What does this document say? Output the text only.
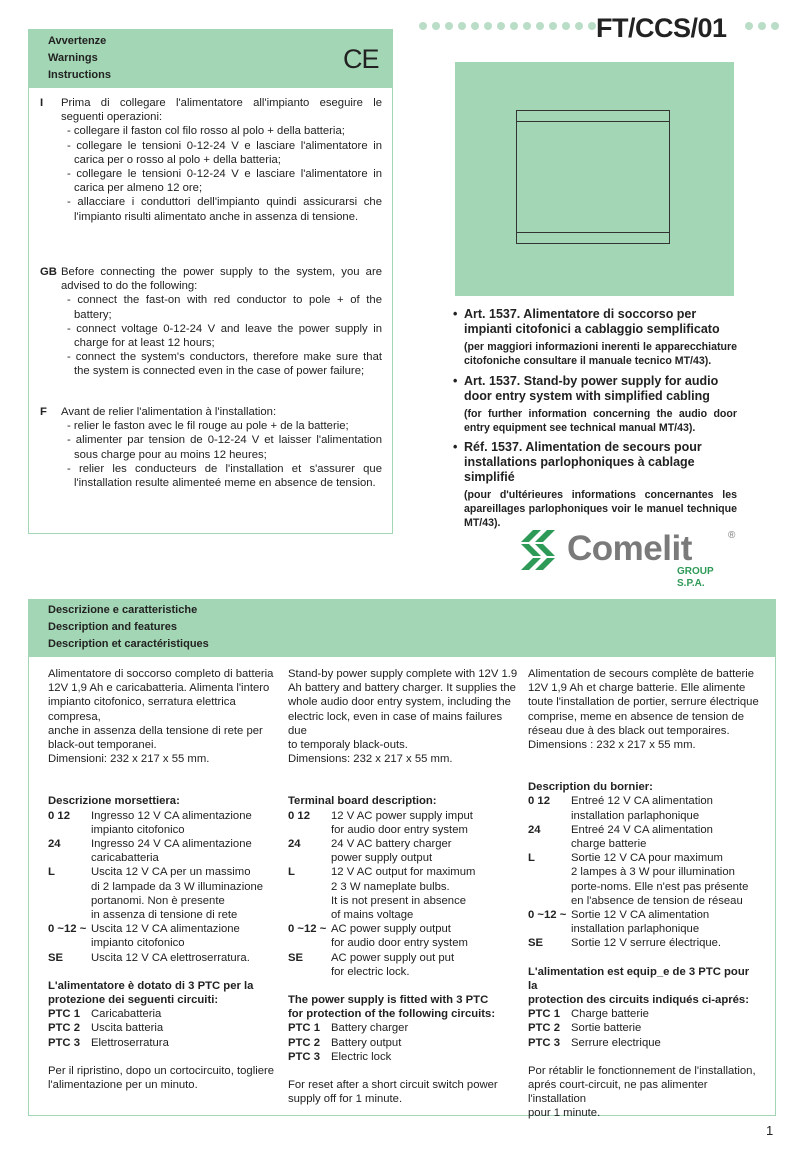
FT/CCS/01
Avvertenze
Warnings
Instructions
CE
I Prima di collegare l'alimentatore all'impianto eseguire le seguenti operazioni:
- collegare il faston col filo rosso al polo + della batteria;
- collegare le tensioni 0-12-24 V e lasciare l'alimentatore in carica per o rosso al polo + della batteria;
- collegare le tensioni 0-12-24 V e lasciare l'alimentatore in carica per almeno 12 ore;
- allacciare i conduttori dell'impianto quindi assicurarsi che l'impianto risulti alimentato anche in assenza di tensione.
GB Before connecting the power supply to the system, you are advised to do the following:
- connect the fast-on with red conductor to pole + of the battery;
- connect voltage 0-12-24 V and leave the power supply in charge for at least 12 hours;
- connect the system's conductors, therefore make sure that the system is connected even in the case of power failure;
F Avant de relier l'alimentation à l'installation:
- relier le faston avec le fil rouge au pole + de la batterie;
- alimenter par tension de 0-12-24 V et laisser l'alimentation sous charge pour au moins 12 heures;
- relier les conducteurs de l'installation et s'assurer que l'installation resulte alimenteé meme en absence de tension.
• Art. 1537. Alimentatore di soccorso per impianti citofonici a cablaggio semplificato
(per maggiori informazioni inerenti le apparecchiature citofoniche consultare il manuale tecnico MT/43).
• Art. 1537. Stand-by power supply for audio door entry system with simplified cabling
(for further information concerning the audio door entry equipment see technical manual MT/43).
• Réf. 1537. Alimentation de secours pour installations parlophoniques à cablage simplifié
(pour d'ultérieures informations concernantes les apareillages parlophoniques voir le manuel technique MT/43).
Comelit	®
GROUP S.P.A.
Descrizione e caratteristiche
Description and features
Description et caractéristiques
Alimentatore di soccorso completo di batteria
12V 1,9 Ah e caricabatteria. Alimenta l'intero
impianto citofonico, serratura elettrica compresa,
anche in assenza della tensione di rete per
black-out temporanei.
Dimensioni: 232 x 217 x 55 mm.
Descrizione morsettiera:
0 12	Ingresso 12 V CA alimentazione
impianto citofonico
24	Ingresso 24 V CA alimentazione
caricabatteria
L	Uscita 12 V CA per un massimo
di 2 lampade da 3 W illuminazione
portanomi. Non è presente
in assenza di tensione di rete
0 ~12 ~ Uscita 12 V CA alimentazione
impianto citofonico
SE	Uscita 12 V CA elettroserratura.
L'alimentatore è dotato di 3 PTC per la
protezione dei seguenti circuiti:
PTC 1 Caricabatteria
PTC 2 Uscita batteria
PTC 3 Elettroserratura
Per il ripristino, dopo un cortocircuito, togliere
l'alimentazione per un minuto.
Stand-by power supply complete with 12V 1.9
Ah battery and battery charger. It supplies the
whole audio door entry system, including the
electric lock, even in case of mains failures due
to temporaly black-outs.
Dimensions: 232 x 217 x 55 mm.
Terminal board description:
0 12	12 V AC power supply imput
for audio door entry system
24	24 V AC battery charger
power supply output
L	12 V AC output for maximum
2 3 W nameplate bulbs.
It is not present in absence
of mains voltage
0 ~12 ~ AC power supply output
for audio door entry system
SE	AC power supply out put
for electric lock.
The power supply is fitted with 3 PTC
for protection of the following circuits:
PTC 1 Battery charger
PTC 2 Battery output
PTC 3 Electric lock
For reset after a short circuit switch power
supply off for 1 minute.
Alimentation de secours complète de batterie
12V 1,9 Ah et charge batterie. Elle alimente
toute l'installation de portier, serrure électrique
comprise, meme en absence de tension de
réseau due à des black out temporaires.
Dimensions : 232 x 217 x 55 mm.
Description du bornier:
0 12	Entreé 12 V CA alimentation
installation parlaphonique
24	Entreé 24 V CA alimentation
charge batterie
L	Sortie 12 V CA pour maximum
2 lampes à 3 W pour illumination
porte-noms. Elle n'est pas présente
en l'absence de tension de réseau
0 ~12 ~ Sortie 12 V CA alimentation
installation parlaphonique
SE	Sortie 12 V serrure électrique.
L'alimentation est equip_e de 3 PTC pour la
protection des circuits indiqués ci-aprés:
PTC 1 Charge batterie
PTC 2 Sortie batterie
PTC 3 Serrure electrique
Por rétablir le fonctionnement de l'installation,
aprés court-circuit, ne pas alimenter l'installation
pour 1 minute.
1
